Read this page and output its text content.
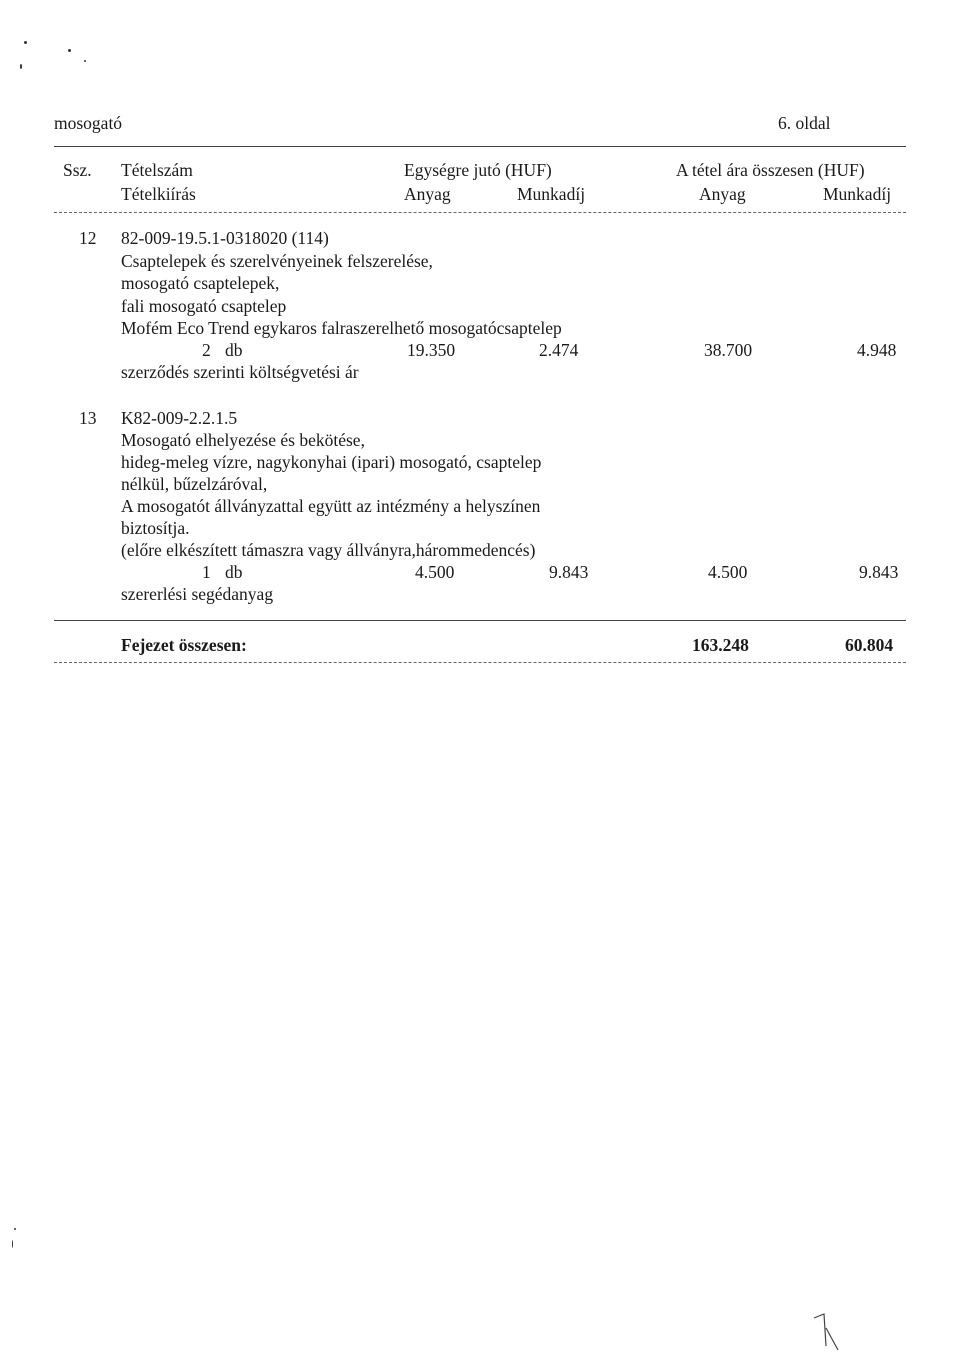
mosogató	6. oldal
Ssz. Tételszám
Tételkiírás
Egységre jutó (HUF)
Anyag	Munkadíj
A tétel ára összesen (HUF)
Anyag	Munkadíj
12 82-009-19.5.1-0318020 (114)
Csaptelepek és szerelvényeinek felszerelése,
mosogató csaptelepek,
fali mosogató csaptelep
Mofém Eco Trend egykaros falraszerelhető mosogatócsaptelep
2 db	19.350	2.474	38.700	4.948
szerződés szerinti költségvetési ár
13 K82-009-2.2.1.5
Mosogató elhelyezése és bekötése,
hideg-meleg vízre, nagykonyhai (ipari) mosogató, csaptelep
nélkül, bűzelzáróval,
A mosogatót állványzattal együtt az intézmény a helyszínen
biztosítja.
(előre elkészített támaszra vagy állványra,hárommedencés)
1 db	4.500	9.843	4.500	9.843
szererlési segédanyag
Fejezet összesen:	163.248	60.804
